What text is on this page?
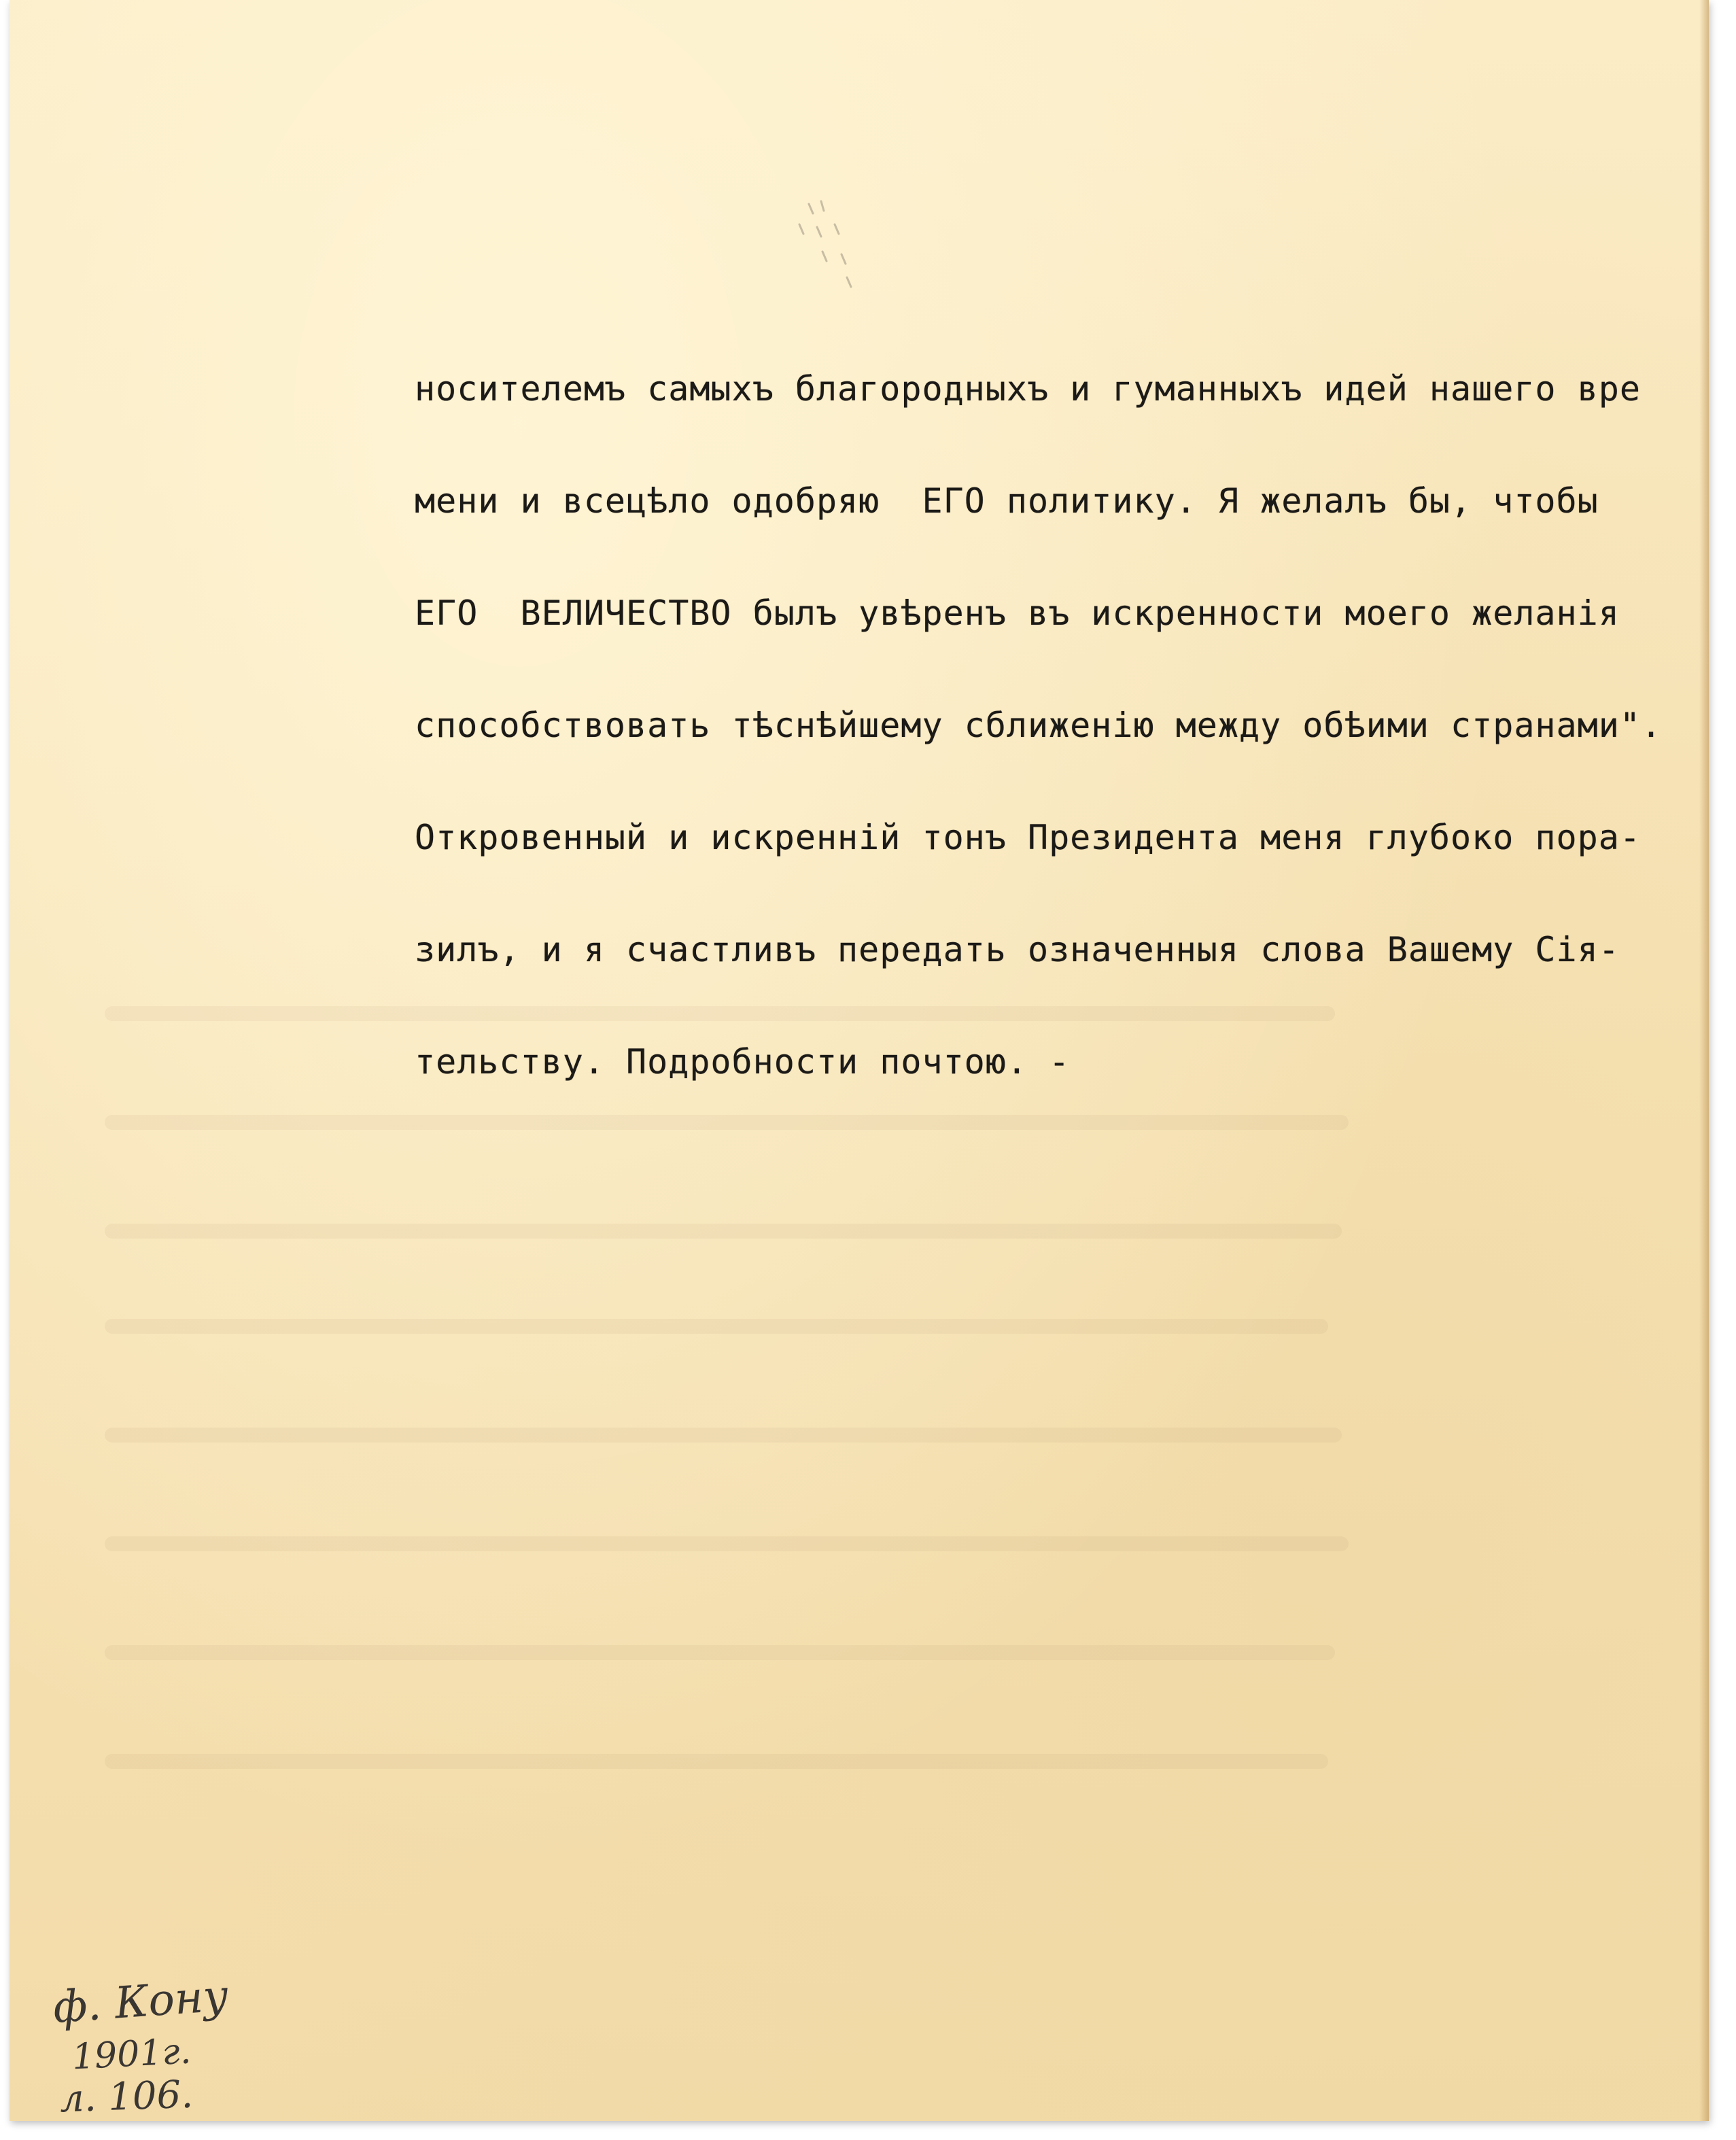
носителемъ самыхъ благородныхъ и гуманныхъ идей нашего вре
мени и всецѣло одобряю  ЕГО политику. Я желалъ бы, чтобы
ЕГО  ВЕЛИЧЕСТВО былъ увѣренъ въ искренности моего желанія
способствовать тѣснѣйшему сближенію между обѣими странами".
Откровенный и искренній тонъ Президента меня глубоко пора-
зилъ, и я счастливъ передать означенныя слова Вашему Сія-
тельству. Подробности почтою. -
ф. Кону
1901г.
л. 106.
